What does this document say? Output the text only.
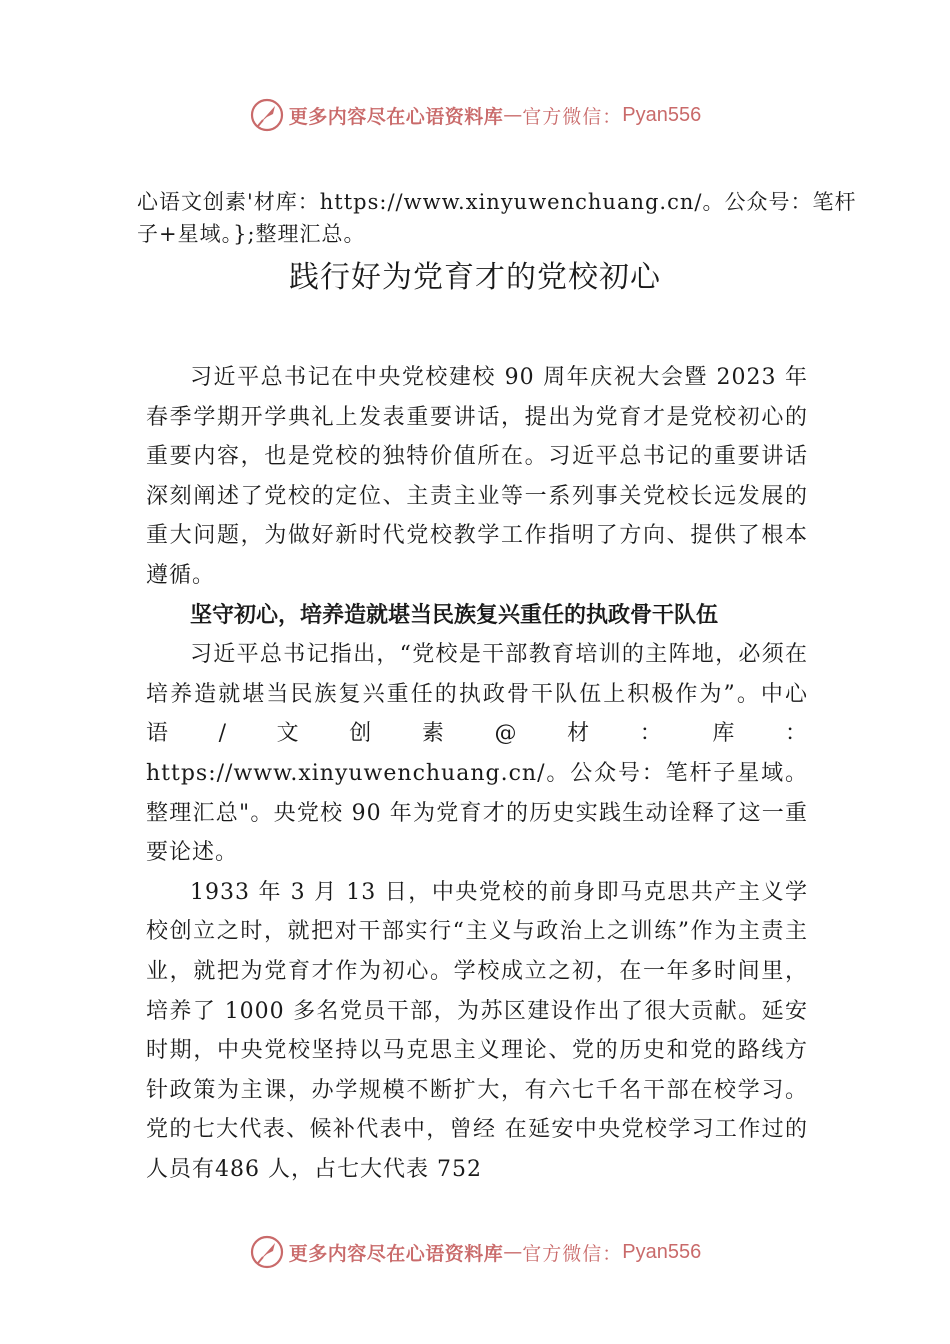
更多内容尽在心语资料库 — 官方微信： Pyan556
心语文创素'材库：https://www.xinyuwenchuang.cn/。公众号：笔杆子+星域。};整理汇总。
践行好为党育才的党校初心

习近平总书记在中央党校建校 90 周年庆祝大会暨 2023 年春季学期开学典礼上发表重要讲话，提出为党育才是党校初心的重要内容，也是党校的独特价值所在。习近平总书记的重要讲话深刻阐述了党校的定位、主责主业等一系列事关党校长远发展的重大问题，为做好新时代党校教学工作指明了方向、提供了根本遵循。

坚守初心，培养造就堪当民族复兴重任的执政骨干队伍

习近平总书记指出，“党校是干部教育培训的主阵地，必须在培养造就堪当民族复兴重任的执政骨干队伍上积极作为”。中心语/文创素@材：库：

https://www.xinyuwenchuang.cn/。公众号：笔杆子星域。整理汇总"。央党校 90 年为党育才的历史实践生动诠释了这一重要论述。

1933 年 3 月 13 日，中央党校的前身即马克思共产主义学校创立之时，就把对干部实行“主义与政治上之训练”作为主责主业，就把为党育才作为初心。学校成立之初，在一年多时间里，培养了 1000 多名党员干部，为苏区建设作出了很大贡献。延安时期，中央党校坚持以马克思主义理论、党的历史和党的路线方针政策为主课，办学规模不断扩大，有六七千名干部在校学习。党的七大代表、候补代表中，曾经 在延安中央党校学习工作过的人员有486 人，占七大代表 752

更多内容尽在心语资料库 — 官方微信： Pyan556
